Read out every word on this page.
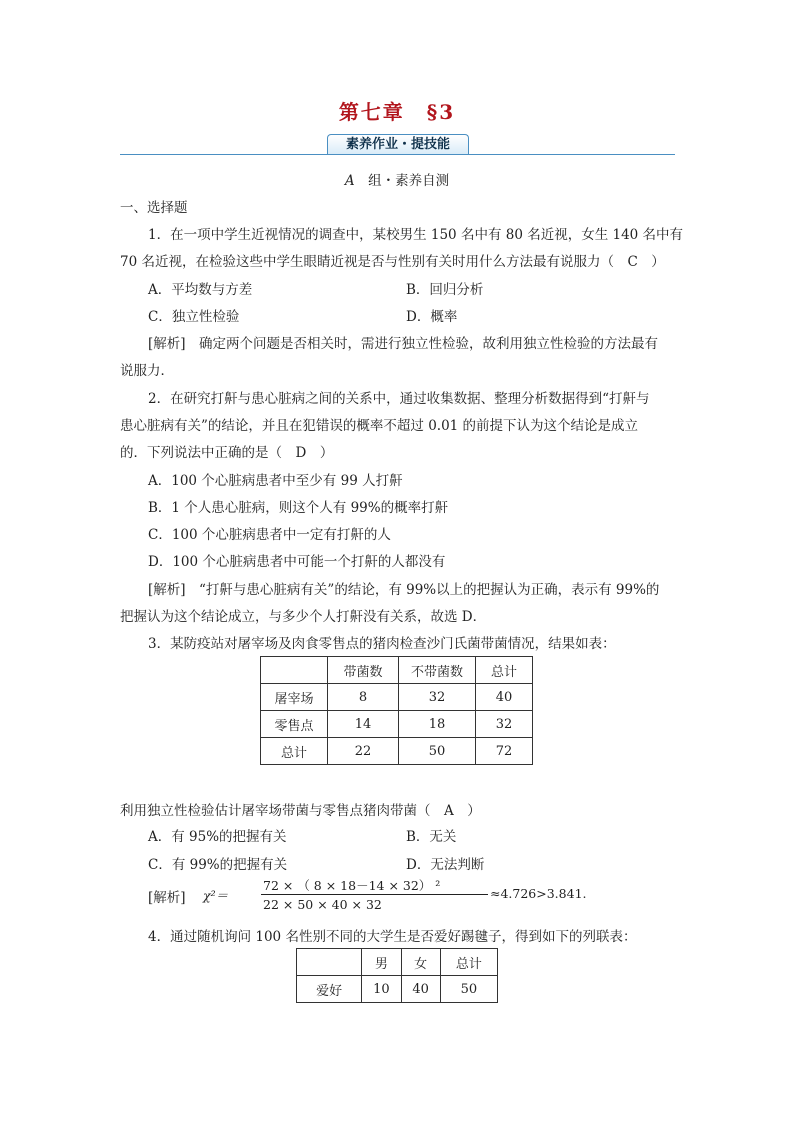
第七章　§3
素养作业・提技能
A　组・素养自测
一、选择题
1．在一项中学生近视情况的调查中，某校男生 150 名中有 80 名近视，女生 140 名中有
70 名近视，在检验这些中学生眼睛近视是否与性别有关时用什么方法最有说服力（　C　）
A．平均数与方差	B．回归分析
C．独立性检验	D．概率
[解析]　确定两个问题是否相关时，需进行独立性检验，故利用独立性检验的方法最有
说服力．
2．在研究打鼾与患心脏病之间的关系中，通过收集数据、整理分析数据得到“打鼾与
患心脏病有关”的结论，并且在犯错误的概率不超过 0.01 的前提下认为这个结论是成立
的．下列说法中正确的是（　D　）
A．100 个心脏病患者中至少有 99 人打鼾
B．1 个人患心脏病，则这个人有 99%的概率打鼾
C．100 个心脏病患者中一定有打鼾的人
D．100 个心脏病患者中可能一个打鼾的人都没有
[解析]　“打鼾与患心脏病有关”的结论，有 99%以上的把握认为正确，表示有 99%的
把握认为这个结论成立，与多少个人打鼾没有关系，故选 D．
3．某防疫站对屠宰场及肉食零售点的猪肉检查沙门氏菌带菌情况，结果如表：
	带菌数	不带菌数	总计
屠宰场	8	32	40
零售点	14	18	32
总计	22	50	72
利用独立性检验估计屠宰场带菌与零售点猪肉带菌（　A　）
A．有 95%的把握有关	B．无关
C．有 99%的把握有关	D．无法判断
[解析]	χ²＝
72 × （ 8 × 18－14 × 32） ²
22 × 50 × 40 × 32
≈4.726>3.841.
4．通过随机询问 100 名性别不同的大学生是否爱好踢毽子，得到如下的列联表：
	男	女	总计
爱好	10	40	50
